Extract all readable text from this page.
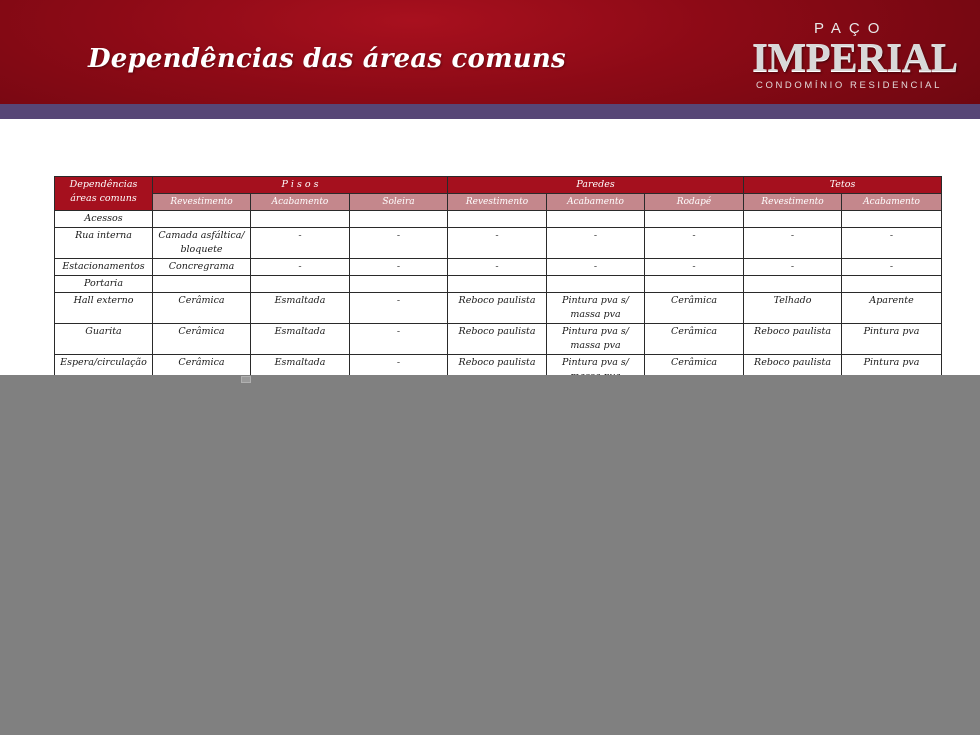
Dependências das áreas comuns
PAÇO
IMPERIAL
CONDOMÍNIO RESIDENCIAL
Dependências áreas comuns	P i s o s			Paredes			Tetos	
	Revestimento	Acabamento	Soleira	Revestimento	Acabamento	Rodapé	Revestimento	Acabamento
Acessos								
Rua interna	Camada asfáltica/ bloquete	-	-	-	-	-	-	-
Estacionamentos	Concregrama	-	-	-	-	-	-	-
Portaria								
Hall externo	Cerâmica	Esmaltada	-	Reboco paulista	Pintura pva s/ massa pva	Cerâmica	Telhado	Aparente
Guarita	Cerâmica	Esmaltada	-	Reboco paulista	Pintura pva s/ massa pva	Cerâmica	Reboco paulista	Pintura pva
Espera/circulação	Cerâmica	Esmaltada	-	Reboco paulista	Pintura pva s/	Cerâmica	Reboco paulista	Pintura pva
